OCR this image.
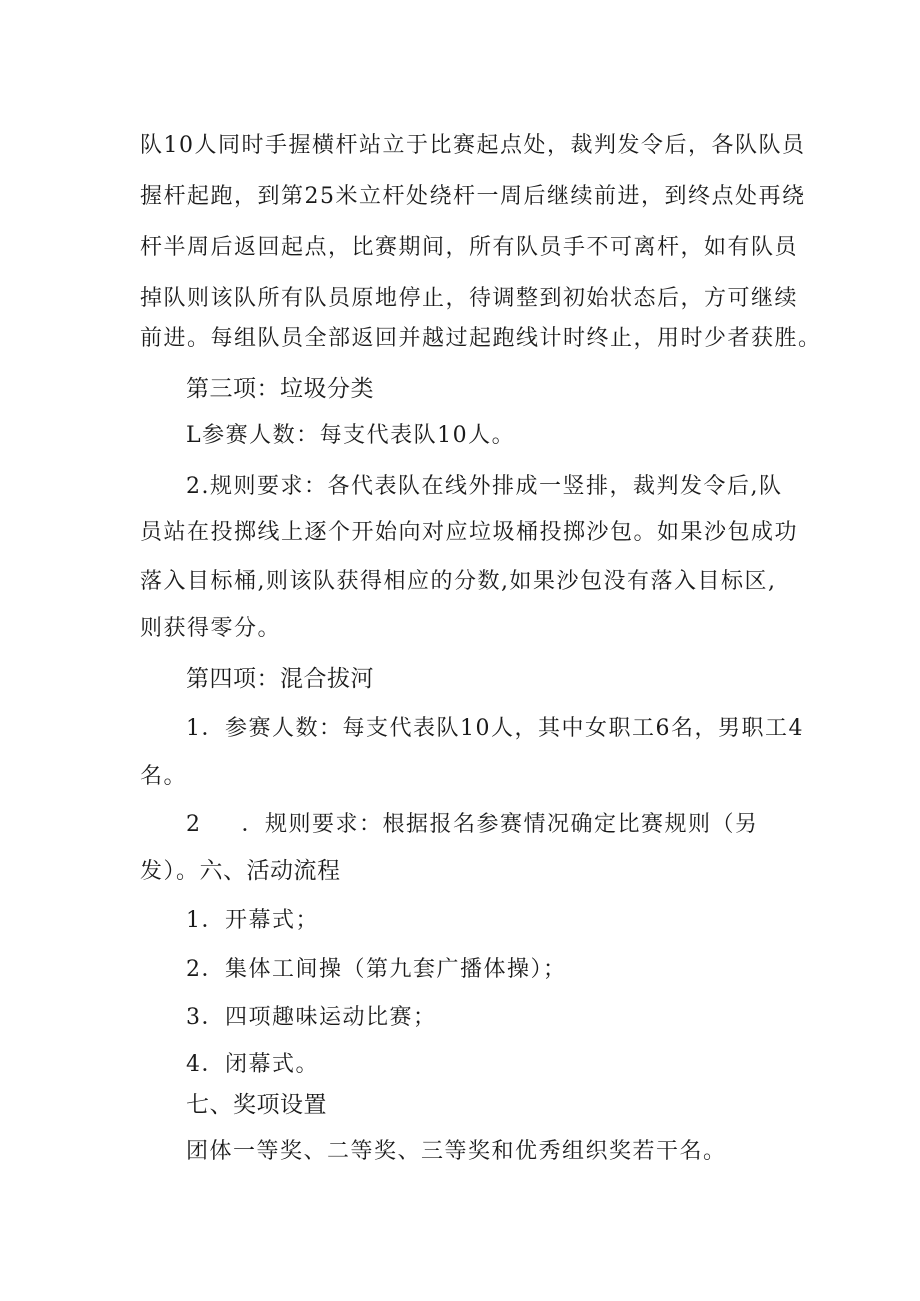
队10人同时手握横杆站立于比赛起点处，裁判发令后，各队队员
握杆起跑，到第25米立杆处绕杆一周后继续前进，到终点处再绕
杆半周后返回起点，比赛期间，所有队员手不可离杆，如有队员
掉队则该队所有队员原地停止，待调整到初始状态后，方可继续
前进。每组队员全部返回并越过起跑线计时终止，用时少者获胜。
第三项：垃圾分类
L参赛人数：每支代表队10人。
2.规则要求：各代表队在线外排成一竖排，裁判发令后,队
员站在投掷线上逐个开始向对应垃圾桶投掷沙包。如果沙包成功
落入目标桶,则该队获得相应的分数,如果沙包没有落入目标区,
则获得零分。
第四项：混合拔河
1．参赛人数：每支代表队10人，其中女职工6名，男职工4
名。
2 ．规则要求：根据报名参赛情况确定比赛规则（另
发）。六、活动流程
1．开幕式；
2．集体工间操（第九套广播体操）；
3．四项趣味运动比赛；
4．闭幕式。
七、奖项设置
团体一等奖、二等奖、三等奖和优秀组织奖若干名。
